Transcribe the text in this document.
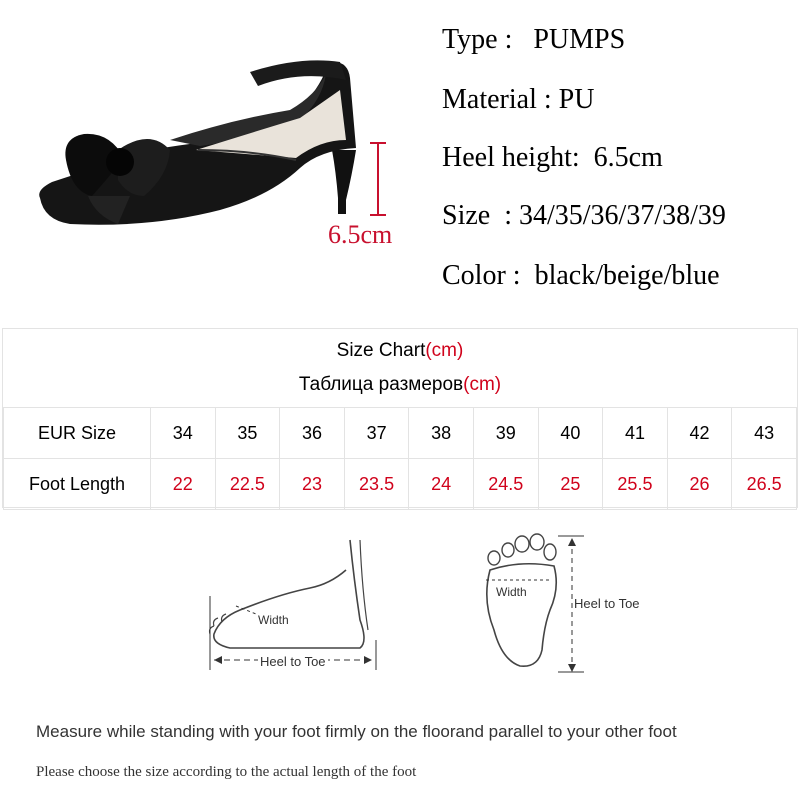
6.5cm
Type : PUMPS
Material : PU
Heel height: 6.5cm
Size  : 34/35/36/37/38/39
Color : black/beige/blue
Size Chart(cm)
Таблица размеров(cm)
EUR Size	34	35	36	37	38	39	40	41	42	43
Foot Length	22	22.5	23	23.5	24	24.5	25	25.5	26	26.5
Width
Heel to Toe
Width
Heel to Toe
Measure while standing with your foot firmly on the floorand parallel to your other foot
Please choose the size according to the actual length of the foot
